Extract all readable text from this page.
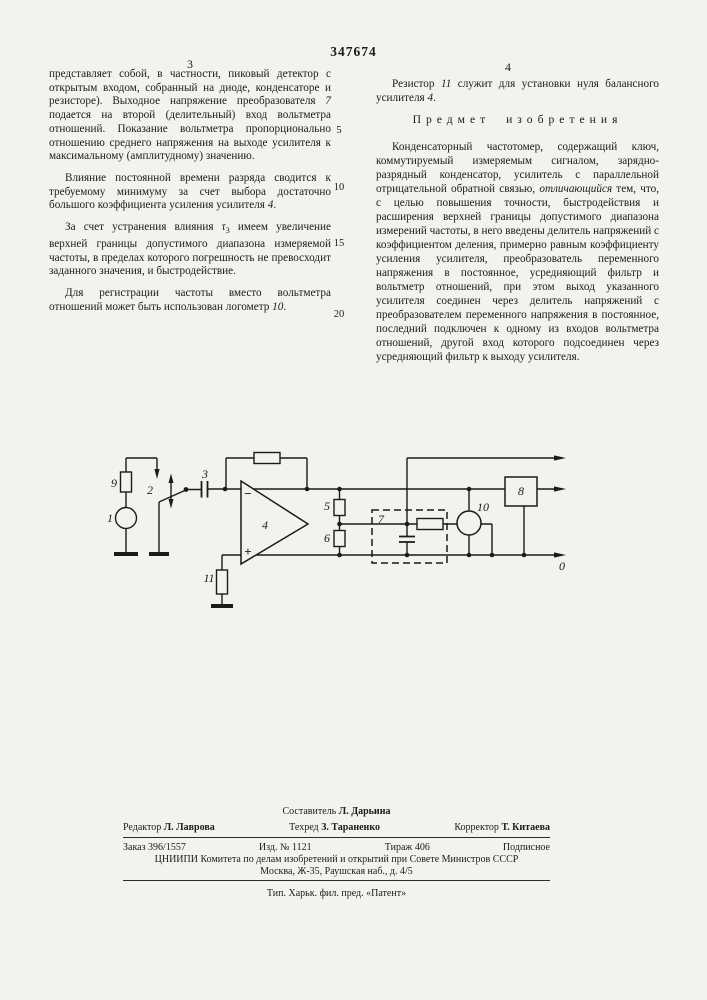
347674
3	4

представляет собой, в частности, пиковый детектор с открытым входом, собранный на диоде, конденсаторе и резисторе). Выходное напряжение преобразователя 7 подается на второй (делительный) вход вольтметра отношений. Показание вольтметра пропорционально отношению среднего напряжения на выходе усилителя к максимальному (амплитудному) значению.

Влияние постоянной времени разряда сводится к требуемому минимуму за счет выбора достаточно большого коэффициента усиления усилителя 4.

За счет устранения влияния $\tau_3$ имеем увеличение верхней границы допустимого диапазона измеряемой частоты, в пределах которого погрешность не превосходит заданного значения, и быстродействие.

Для регистрации частоты вместо вольтметра отношений может быть использован логометр 10.

5
10
15
20
Резистор 11 служит для установки нуля балансного усилителя 4.
Предмет изобретения
Конденсаторный частотомер, содержащий ключ, коммутируемый измеряемым сигналом, зарядно-разрядный конденсатор, усилитель с параллельной отрицательной обратной связью, отличающийся тем, что, с целью повышения точности, быстродействия и расширения верхней границы допустимого диапазона измерений частоты, в него введены делитель напряжений с коэффициентом деления, примерно равным коэффициенту усиления усилителя, преобразователь переменного напряжения в постоянное, усредняющий фильтр и вольтметр отношений, при этом выход указанного усилителя соединен через делитель напряжений с преобразователем переменного напряжения в постоянное, последний подключен к одному из входов вольтметра отношений, другой вход которого подсоединен через усредняющий фильтр к выходу усилителя.
1
9	2
3
4
5
6
7
8
10
11
0
−
+
Составитель Л. Дарьина
Редактор Л. Лаврова	Техред З. Тараненко	Корректор Т. Китаева
Заказ 396/1557	Изд. № 1121	Тираж 406	Подписное
ЦНИИПИ Комитета по делам изобретений и открытий при Совете Министров СССР
Москва, Ж-35, Раушская наб., д. 4/5
Тип. Харьк. фил. пред. «Патент»
